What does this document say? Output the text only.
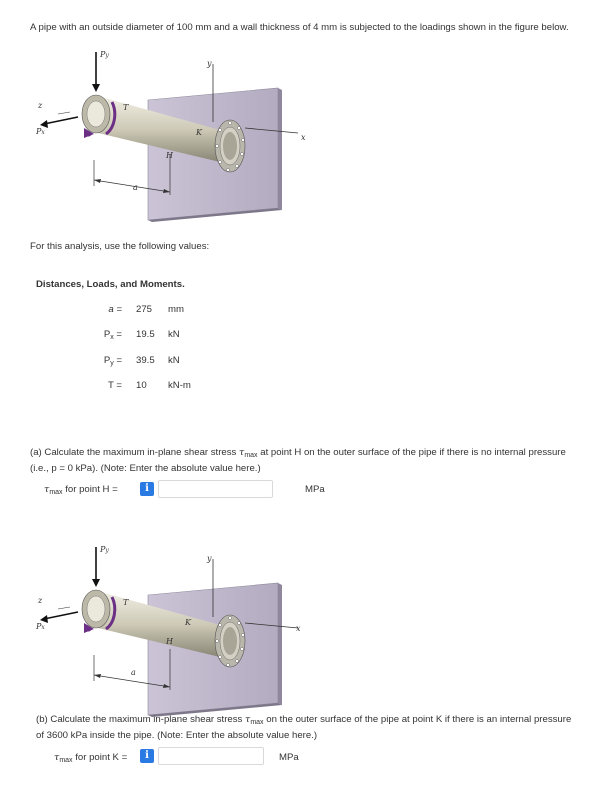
A pipe with an outside diameter of 100 mm and a wall thickness of 4 mm is subjected to the loadings shown in the figure below.
Py
z
Px
T
y
K
x
H
a
For this analysis, use the following values:
Distances, Loads, and Moments.
a = 275 mm
$P_x = 19.5$ kN
$P_y = 39.5$ kN
T = 10 kN-m
(a) Calculate the maximum in-plane shear stress $\tau_{max}$ at point H on the outer surface of the pipe if there is no internal pressure (i.e., p = 0 kPa). (Note: Enter the absolute value here.)
$\tau_{max}$ for point H =	i	MPa
Py
z
Px
T
y
K
x
H
a
(b) Calculate the maximum in-plane shear stress $\tau_{max}$ on the outer surface of the pipe at point K if there is an internal pressure of 3600 kPa inside the pipe. (Note: Enter the absolute value here.)
$\tau_{max}$ for point K =	i	MPa
